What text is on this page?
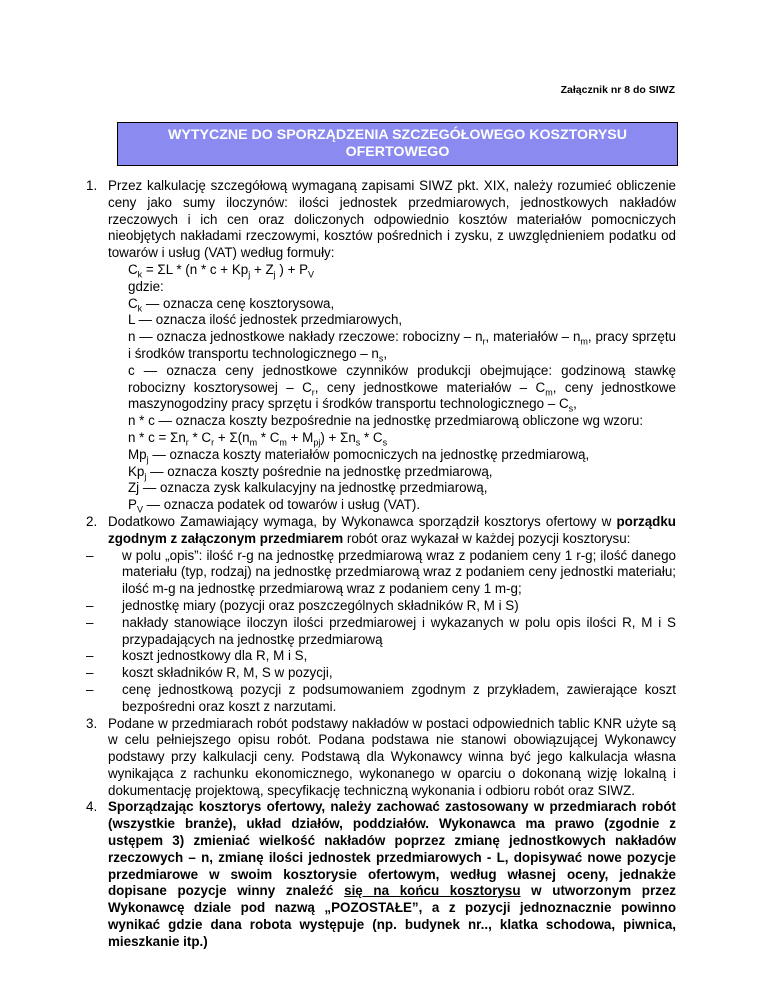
Załącznik nr 8 do SIWZ
WYTYCZNE DO SPORZĄDZENIA SZCZEGÓŁOWEGO KOSZTORYSU
OFERTOWEGO
1. Przez kalkulację szczegółową wymaganą zapisami SIWZ pkt. XIX, należy rozumieć obliczenie ceny jako sumy iloczynów: ilości jednostek przedmiarowych, jednostkowych nakładów rzeczowych i ich cen oraz doliczonych odpowiednio kosztów materiałów pomocniczych nieobjętych nakładami rzeczowymi, kosztów pośrednich i zysku, z uwzględnieniem podatku od towarów i usług (VAT) według formuły:

$C_k = \Sigma L * (n * c + Kp_j + Z_j$ ) + $P_V$

gdzie:

$C_k$ — oznacza cenę kosztorysowa,

L — oznacza ilość jednostek przedmiarowych,

n — oznacza jednostkowe nakłady rzeczowe: robocizny – $n_r$, materiałów – $n_m$, pracy sprzętu i środków transportu technologicznego – $n_s$,

c — oznacza ceny jednostkowe czynników produkcji obejmujące: godzinową stawkę robocizny kosztorysowej – $C_r$, ceny jednostkowe materiałów – $C_m$, ceny jednostkowe maszynogodziny pracy sprzętu i środków transportu technologicznego – $C_s$,

n * c — oznacza koszty bezpośrednie na jednostkę przedmiarową obliczone wg wzoru:

$n * c = \Sigma n_r * C_r + \Sigma(n_m * C_m + M_{pj}) + \Sigma n_s * C_s$

$Mp_j$ — oznacza koszty materiałów pomocniczych na jednostkę przedmiarową,

$Kp_j$ — oznacza koszty pośrednie na jednostkę przedmiarową,

Zj — oznacza zysk kalkulacyjny na jednostkę przedmiarową,

$P_V$ — oznacza podatek od towarów i usług (VAT).

2. Dodatkowo Zamawiający wymaga, by Wykonawca sporządził kosztorys ofertowy w porządku zgodnym z załączonym przedmiarem robót oraz wykazał w każdej pozycji kosztorysu:

– w polu „opis”: ilość r-g na jednostkę przedmiarową wraz z podaniem ceny 1 r-g; ilość danego materiału (typ, rodzaj) na jednostkę przedmiarową wraz z podaniem ceny jednostki materiału; ilość m-g na jednostkę przedmiarową wraz z podaniem ceny 1 m-g;

– jednostkę miary (pozycji oraz poszczególnych składników R, M i S)

– nakłady stanowiące iloczyn ilości przedmiarowej i wykazanych w polu opis ilości R, M i S przypadających na jednostkę przedmiarową

– koszt jednostkowy dla R, M i S,

– koszt składników R, M, S w pozycji,

– cenę jednostkową pozycji z podsumowaniem zgodnym z przykładem, zawierające koszt bezpośredni oraz koszt z narzutami.

3. Podane w przedmiarach robót podstawy nakładów w postaci odpowiednich tablic KNR użyte są w celu pełniejszego opisu robót. Podana podstawa nie stanowi obowiązującej Wykonawcy podstawy przy kalkulacji ceny. Podstawą dla Wykonawcy winna być jego kalkulacja własna wynikająca z rachunku ekonomicznego, wykonanego w oparciu o dokonaną wizję lokalną i dokumentację projektową, specyfikację techniczną wykonania i odbioru robót oraz SIWZ.

4. Sporządzając kosztorys ofertowy, należy zachować zastosowany w przedmiarach robót (wszystkie branże), układ działów, poddziałów. Wykonawca ma prawo (zgodnie z ustępem 3) zmieniać wielkość nakładów poprzez zmianę jednostkowych nakładów rzeczowych – n, zmianę ilości jednostek przedmiarowych - L, dopisywać nowe pozycje przedmiarowe w swoim kosztorysie ofertowym, według własnej oceny, jednakże dopisane pozycje winny znaleźć się na końcu kosztorysu w utworzonym przez Wykonawcę dziale pod nazwą „POZOSTAŁE”, a z pozycji jednoznacznie powinno wynikać gdzie dana robota występuje (np. budynek nr.., klatka schodowa, piwnica, mieszkanie itp.)
